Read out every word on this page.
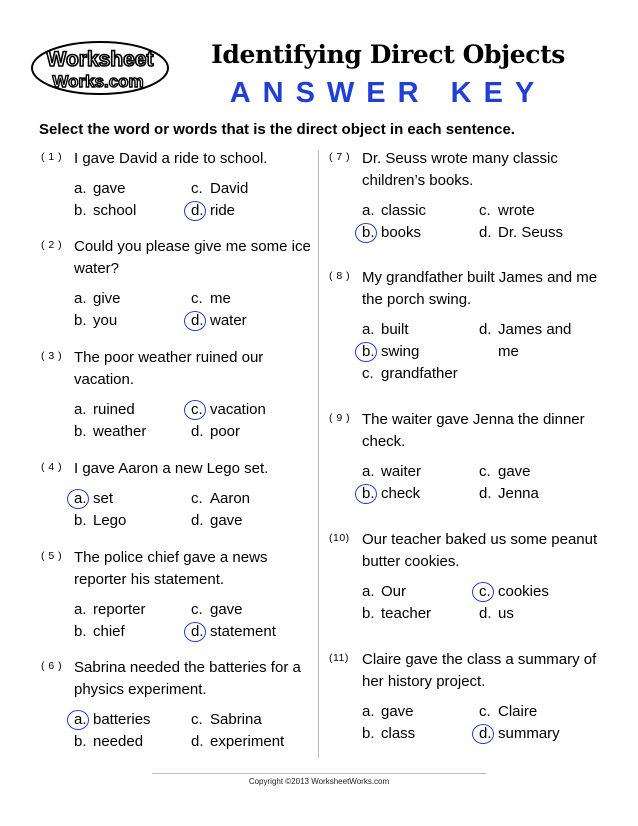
Worksheet
Works.com
Identifying Direct Objects
ANSWER KEY
Select the word or words that is the direct object in each sentence.
( 1 ) I gave David a ride to school.
a. gave	c. David
b. school	d. ride
( 2 ) Could you please give me some ice water?
a. give	c. me
b. you	d. water
( 3 ) The poor weather ruined our vacation.
a. ruined	c. vacation
b. weather	d. poor
( 4 ) I gave Aaron a new Lego set.
a. set	c. Aaron
b. Lego	d. gave
( 5 ) The police chief gave a news reporter his statement.
a. reporter	c. gave
b. chief	d. statement
( 6 ) Sabrina needed the batteries for a physics experiment.
a. batteries	c. Sabrina
b. needed	d. experiment
( 7 ) Dr. Seuss wrote many classic children’s books.
a. classic	c. wrote
b. books	d. Dr. Seuss
( 8 ) My grandfather built James and me the porch swing.
a. built	d. James and me
b. swing
c. grandfather
( 9 ) The waiter gave Jenna the dinner check.
a. waiter	c. gave
b. check	d. Jenna
(10) Our teacher baked us some peanut butter cookies.
a. Our	c. cookies
b. teacher	d. us
(11) Claire gave the class a summary of her history project.
a. gave	c. Claire
b. class	d. summary
Copyright ©2013 WorksheetWorks.com
